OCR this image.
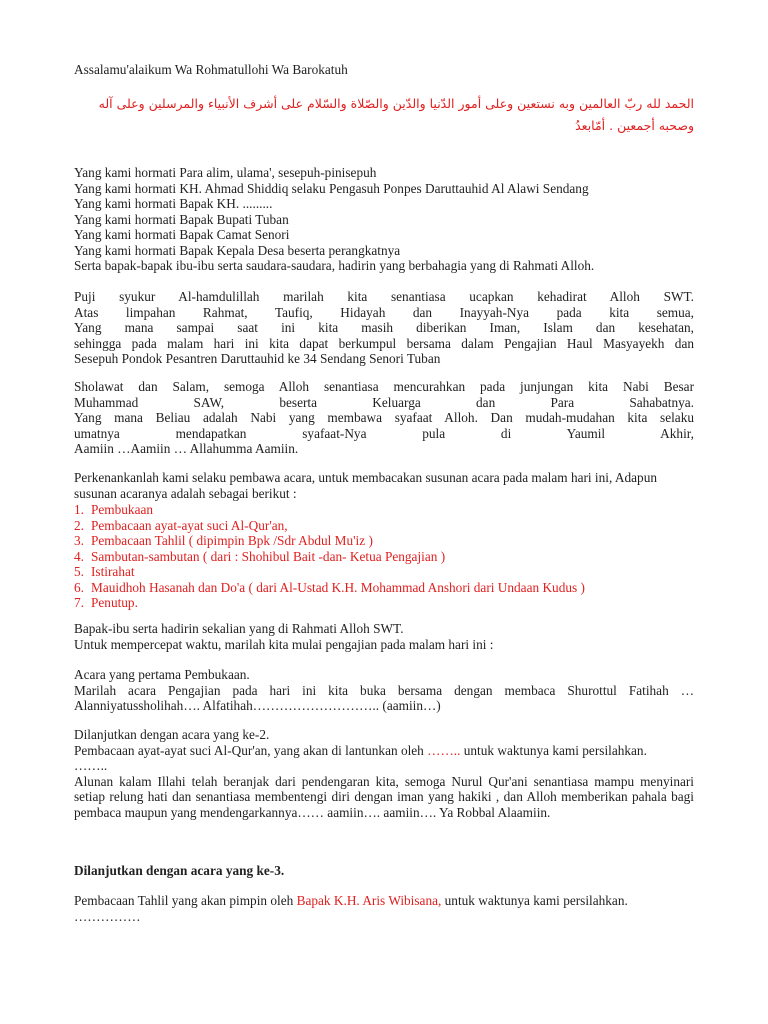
Assalamu'alaikum Wa Rohmatullohi Wa Barokatuh
الحمد لله ربّ العالمين وبه نستعين وعلى أمور الدّنيا والدّين والصّلاة والسّلام على أشرف الأنبياء والمرسلين وعلى آله وصحبه أجمعين . أمّابعدُ

Yang kami hormati Para alim, ulama', sesepuh-pinisepuh

Yang kami hormati KH. Ahmad Shiddiq selaku Pengasuh Ponpes Daruttauhid Al Alawi Sendang

Yang kami hormati Bapak KH. .........

Yang kami hormati Bapak Bupati Tuban

Yang kami hormati Bapak Camat Senori

Yang kami hormati Bapak Kepala Desa beserta perangkatnya

Serta bapak-bapak ibu-ibu serta saudara-saudara, hadirin yang berbahagia yang di Rahmati Alloh.

Puji syukur Al-hamdulillah marilah kita senantiasa ucapkan kehadirat Alloh SWT.

Atas limpahan Rahmat, Taufiq, Hidayah dan Inayyah-Nya pada kita semua,

Yang mana sampai saat ini kita masih diberikan Iman, Islam dan kesehatan,

sehingga pada malam hari ini kita dapat berkumpul bersama dalam Pengajian Haul Masyayekh dan

Sesepuh Pondok Pesantren Daruttauhid ke 34 Sendang Senori Tuban

Sholawat dan Salam, semoga Alloh senantiasa mencurahkan pada junjungan kita Nabi Besar

Muhammad SAW, beserta Keluarga dan Para Sahabatnya.

Yang mana Beliau adalah Nabi yang membawa syafaat Alloh. Dan mudah-mudahan kita selaku

umatnya mendapatkan syafaat-Nya pula di Yaumil Akhir,

Aamiin …Aamiin … Allahumma Aamiin.

Perkenankanlah kami selaku pembawa acara, untuk membacakan susunan acara pada malam hari ini, Adapun susunan acaranya adalah sebagai berikut :

1. Pembukaan
2. Pembacaan ayat-ayat suci Al-Qur'an,
3. Pembacaan Tahlil ( dipimpin Bpk /Sdr Abdul Mu'iz )
4. Sambutan-sambutan ( dari : Shohibul Bait -dan- Ketua Pengajian )
5. Istirahat
6. Mauidhoh Hasanah dan Do'a ( dari Al-Ustad K.H. Mohammad Anshori dari Undaan Kudus )
7. Penutup.

Bapak-ibu serta hadirin sekalian yang di Rahmati Alloh SWT.

Untuk mempercepat waktu, marilah kita mulai pengajian pada malam hari ini :

Acara yang pertama Pembukaan.

Marilah acara Pengajian pada hari ini kita buka bersama dengan membaca Shurottul Fatihah … Alanniyatussholihah…. Alfatihah……………………….. (aamiin…)

Dilanjutkan dengan acara yang ke-2.

Pembacaan ayat-ayat suci Al-Qur'an, yang akan di lantunkan oleh …….. untuk waktunya kami persilahkan.

……..

Alunan kalam Illahi telah beranjak dari pendengaran kita, semoga Nurul Qur'ani senantiasa mampu menyinari setiap relung hati dan senantiasa membentengi diri dengan iman yang hakiki , dan Alloh memberikan pahala bagi pembaca maupun yang mendengarkannya…… aamiin…. aamiin…. Ya Robbal Alaamiin.

Dilanjutkan dengan acara yang ke-3.

Pembacaan Tahlil yang akan pimpin oleh Bapak K.H. Aris Wibisana, untuk waktunya kami persilahkan.

……………
